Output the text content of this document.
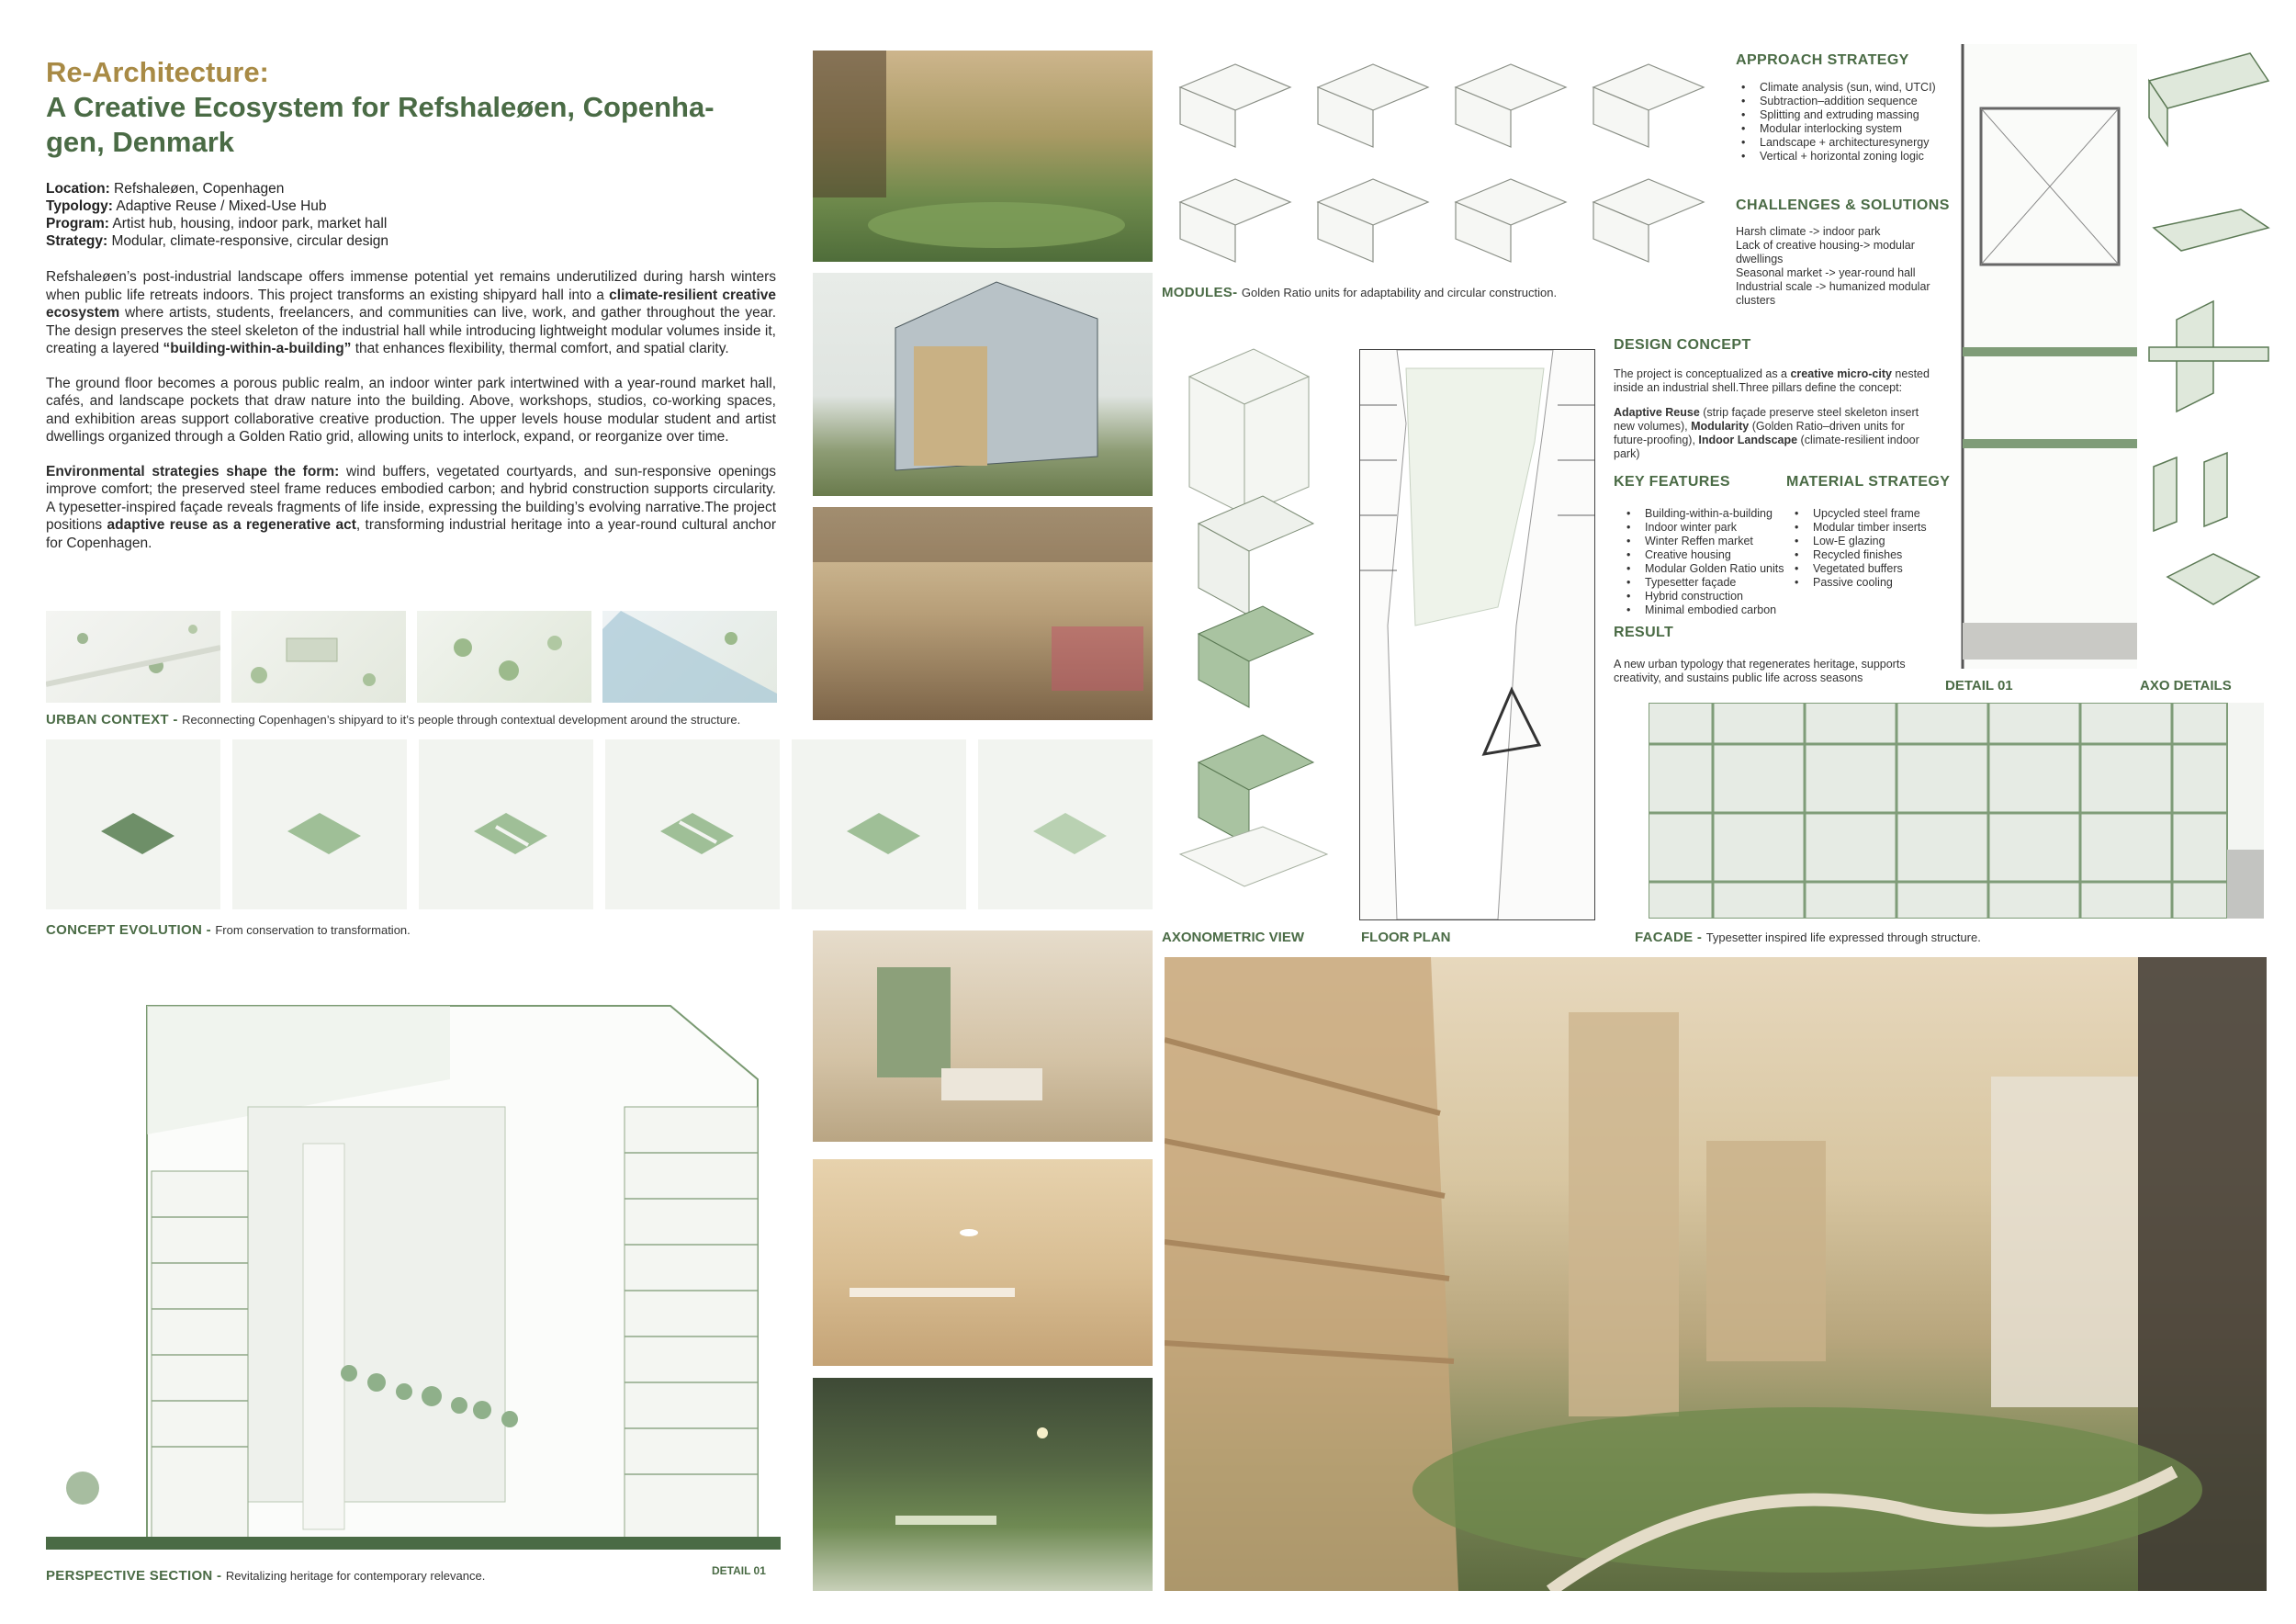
Re-Architecture:
A Creative Ecosystem for Refshaleøen, Copenha-
gen, Denmark
Location: Refshaleøen, Copenhagen
Typology: Adaptive Reuse / Mixed-Use Hub
Program: Artist hub, housing, indoor park, market hall
Strategy: Modular, climate-responsive, circular design

Refshaleøen’s post-industrial landscape offers immense potential yet remains underutilized during harsh winters when public life retreats indoors. This project transforms an existing shipyard hall into a climate-resilient creative ecosystem where artists, students, freelancers, and communities can live, work, and gather throughout the year. The design preserves the steel skeleton of the industrial hall while introducing lightweight modular volumes inside it, creating a layered “building-within-a-building” that enhances flexibility, thermal comfort, and spatial clarity.

The ground floor becomes a porous public realm, an indoor winter park intertwined with a year-round market hall, cafés, and landscape pockets that draw nature into the building. Above, workshops, studios, co-working spaces, and exhibition areas support collaborative creative production. The upper levels house modular student and artist dwellings organized through a Golden Ratio grid, allowing units to interlock, expand, or reorganize over time.

Environmental strategies shape the form: wind buffers, vegetated courtyards, and sun-responsive openings improve comfort; the preserved steel frame reduces embodied carbon; and hybrid construction supports circularity. A typesetter-inspired façade reveals fragments of life inside, expressing the building’s evolving narrative.The project positions adaptive reuse as a regenerative act, transforming industrial heritage into a year-round cultural anchor for Copenhagen.

URBAN CONTEXT - Reconnecting Copenhagen’s shipyard to it’s people through contextual development around the structure.
CONCEPT EVOLUTION - From conservation to transformation.
PERSPECTIVE SECTION - Revitalizing heritage for contemporary relevance.	DETAIL 01
MODULES- Golden Ratio units for adaptability and circular construction.
APPROACH STRATEGY
• Climate analysis (sun, wind, UTCI)
• Subtraction–addition sequence
• Splitting and extruding massing
• Modular interlocking system
• Landscape + architecturesynergy
• Vertical + horizontal zoning logic
CHALLENGES & SOLUTIONS
Harsh climate -> indoor park
Lack of creative housing-> modular dwellings
Seasonal market -> year-round hall
Industrial scale -> humanized modular clusters
AXONOMETRIC VIEW	FLOOR PLAN
DESIGN CONCEPT
The project is conceptualized as a creative micro-city nested inside an industrial shell.Three pillars define the concept:
Adaptive Reuse (strip façade preserve steel skeleton insert new volumes), Modularity (Golden Ratio–driven units for future-proofing), Indoor Landscape (climate-resilient indoor park)
KEY FEATURES
• Building-within-a-building
• Indoor winter park
• Winter Reffen market
• Creative housing
• Modular Golden Ratio units
• Typesetter façade
• Hybrid construction
• Minimal embodied carbon
MATERIAL STRATEGY
• Upcycled steel frame
• Modular timber inserts
• Low-E glazing
• Recycled finishes
• Vegetated buffers
• Passive cooling
RESULT
A new urban typology that regenerates heritage, supports creativity, and sustains public life across seasons	DETAIL 01	AXO DETAILS
FACADE - Typesetter inspired life expressed through structure.
